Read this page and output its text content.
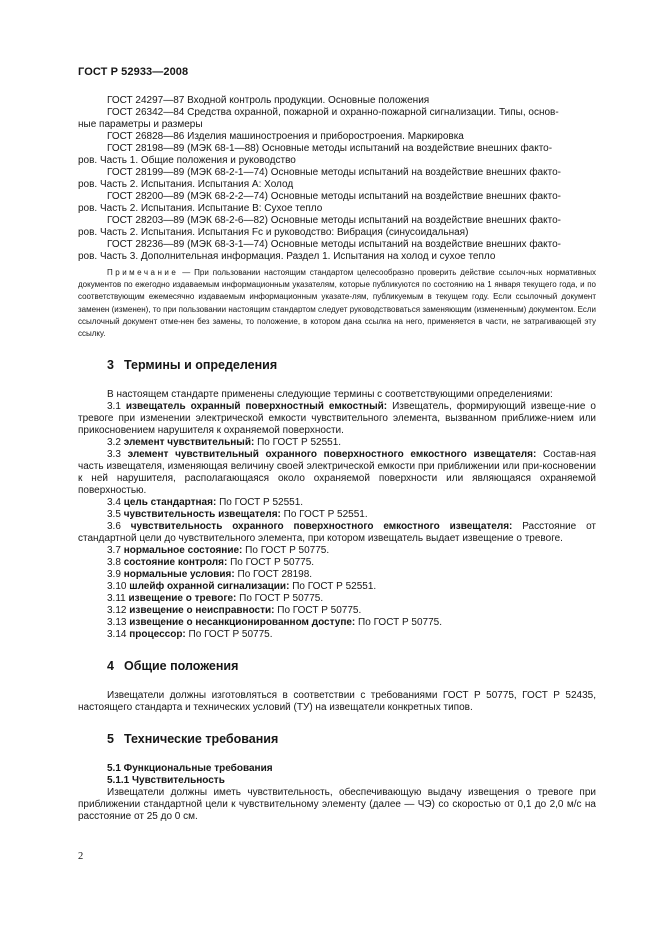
ГОСТ Р 52933—2008

ГОСТ 24297—87 Входной контроль продукции. Основные положения

ГОСТ 26342—84 Средства охранной, пожарной и охранно-пожарной сигнализации. Типы, основ-

ные параметры и размеры

ГОСТ 26828—86 Изделия машиностроения и приборостроения. Маркировка

ГОСТ 28198—89 (МЭК 68-1—88) Основные методы испытаний на воздействие внешних факто-

ров. Часть 1. Общие положения и руководство

ГОСТ 28199—89 (МЭК 68-2-1—74) Основные методы испытаний на воздействие внешних факто-

ров. Часть 2. Испытания. Испытания А: Холод

ГОСТ 28200—89 (МЭК 68-2-2—74) Основные методы испытаний на воздействие внешних факто-

ров. Часть 2. Испытания. Испытание В: Сухое тепло

ГОСТ 28203—89 (МЭК 68-2-6—82) Основные методы испытаний на воздействие внешних факто-

ров. Часть 2. Испытания. Испытания Fc и руководство: Вибрация (синусоидальная)

ГОСТ 28236—89 (МЭК 68-3-1—74) Основные методы испытаний на воздействие внешних факто-

ров. Часть 3. Дополнительная информация. Раздел 1. Испытания на холод и сухое тепло

Примечание — При пользовании настоящим стандартом целесообразно проверить действие ссылоч-ных нормативных документов по ежегодно издаваемым информационным указателям, которые публикуются по состоянию на 1 января текущего года, и по соответствующим ежемесячно издаваемым информационным указате-лям, публикуемым в текущем году. Если ссылочный документ заменен (изменен), то при пользовании настоящим стандартом следует руководствоваться заменяющим (измененным) документом. Если ссылочный документ отме-нен без замены, то положение, в котором дана ссылка на него, применяется в части, не затрагивающей эту ссылку.

3 Термины и определения

В настоящем стандарте применены следующие термины с соответствующими определениями:

3.1 извещатель охранный поверхностный емкостный: Извещатель, формирующий извеще-ние о тревоге при изменении электрической емкости чувствительного элемента, вызванном приближе-нием или прикосновением нарушителя к охраняемой поверхности.

3.2 элемент чувствительный: По ГОСТ Р 52551.

3.3 элемент чувствительный охранного поверхностного емкостного извещателя: Состав-ная часть извещателя, изменяющая величину своей электрической емкости при приближении или при-косновении к ней нарушителя, располагающаяся около охраняемой поверхности или являющаяся охраняемой поверхностью.

3.4 цель стандартная: По ГОСТ Р 52551.

3.5 чувствительность извещателя: По ГОСТ Р 52551.

3.6 чувствительность охранного поверхностного емкостного извещателя: Расстояние от стандартной цели до чувствительного элемента, при котором извещатель выдает извещение о тревоге.

3.7 нормальное состояние: По ГОСТ Р 50775.

3.8 состояние контроля: По ГОСТ Р 50775.

3.9 нормальные условия: По ГОСТ 28198.

3.10 шлейф охранной сигнализации: По ГОСТ Р 52551.

3.11 извещение о тревоге: По ГОСТ Р 50775.

3.12 извещение о неисправности: По ГОСТ Р 50775.

3.13 извещение о несанкционированном доступе: По ГОСТ Р 50775.

3.14 процессор: По ГОСТ Р 50775.

4 Общие положения

Извещатели должны изготовляться в соответствии с требованиями ГОСТ Р 50775, ГОСТ Р 52435, настоящего стандарта и технических условий (ТУ) на извещатели конкретных типов.

5 Технические требования

5.1 Функциональные требования

5.1.1 Чувствительность

Извещатели должны иметь чувствительность, обеспечивающую выдачу извещения о тревоге при приближении стандартной цели к чувствительному элементу (далее — ЧЭ) со скоростью от 0,1 до 2,0 м/с на расстояние от 25 до 0 см.

2
